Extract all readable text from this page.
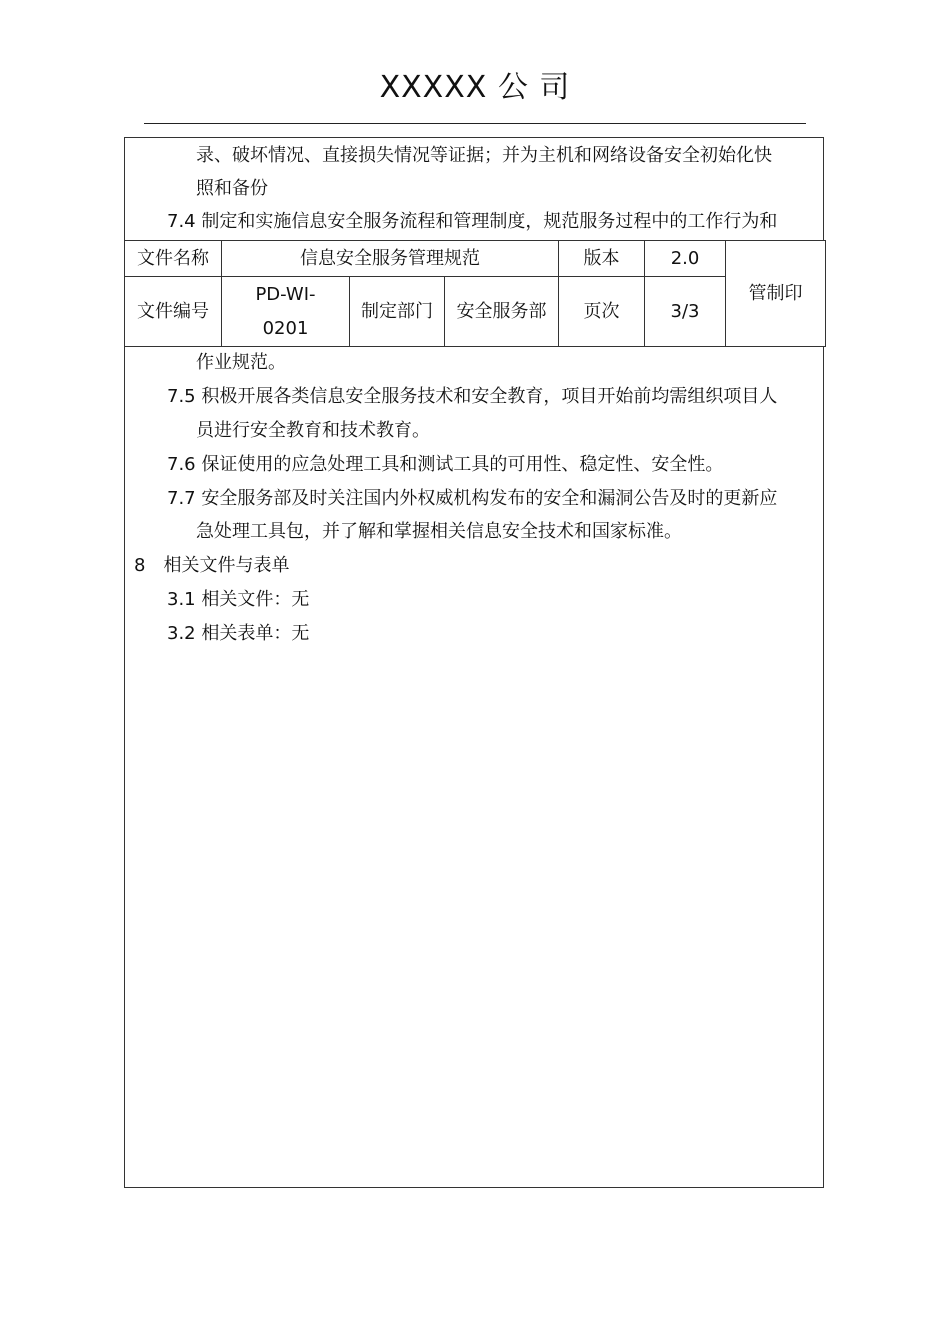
XXXXX 公 司
录、破坏情况、直接损失情况等证据；并为主机和网络设备安全初始化快
照和备份
7.4 制定和实施信息安全服务流程和管理制度，规范服务过程中的工作行为和
文件名称	信息安全服务管理规范			版本	2.0	管制印
文件编号	PD-WI-
0201	制定部门	安全服务部	页次	3/3	
作业规范。
7.5 积极开展各类信息安全服务技术和安全教育，项目开始前均需组织项目人
员进行安全教育和技术教育。
7.6 保证使用的应急处理工具和测试工具的可用性、稳定性、安全性。
7.7 安全服务部及时关注国内外权威机构发布的安全和漏洞公告及时的更新应
急处理工具包，并了解和掌握相关信息安全技术和国家标准。
8　相关文件与表单
3.1 相关文件：无
3.2 相关表单：无
